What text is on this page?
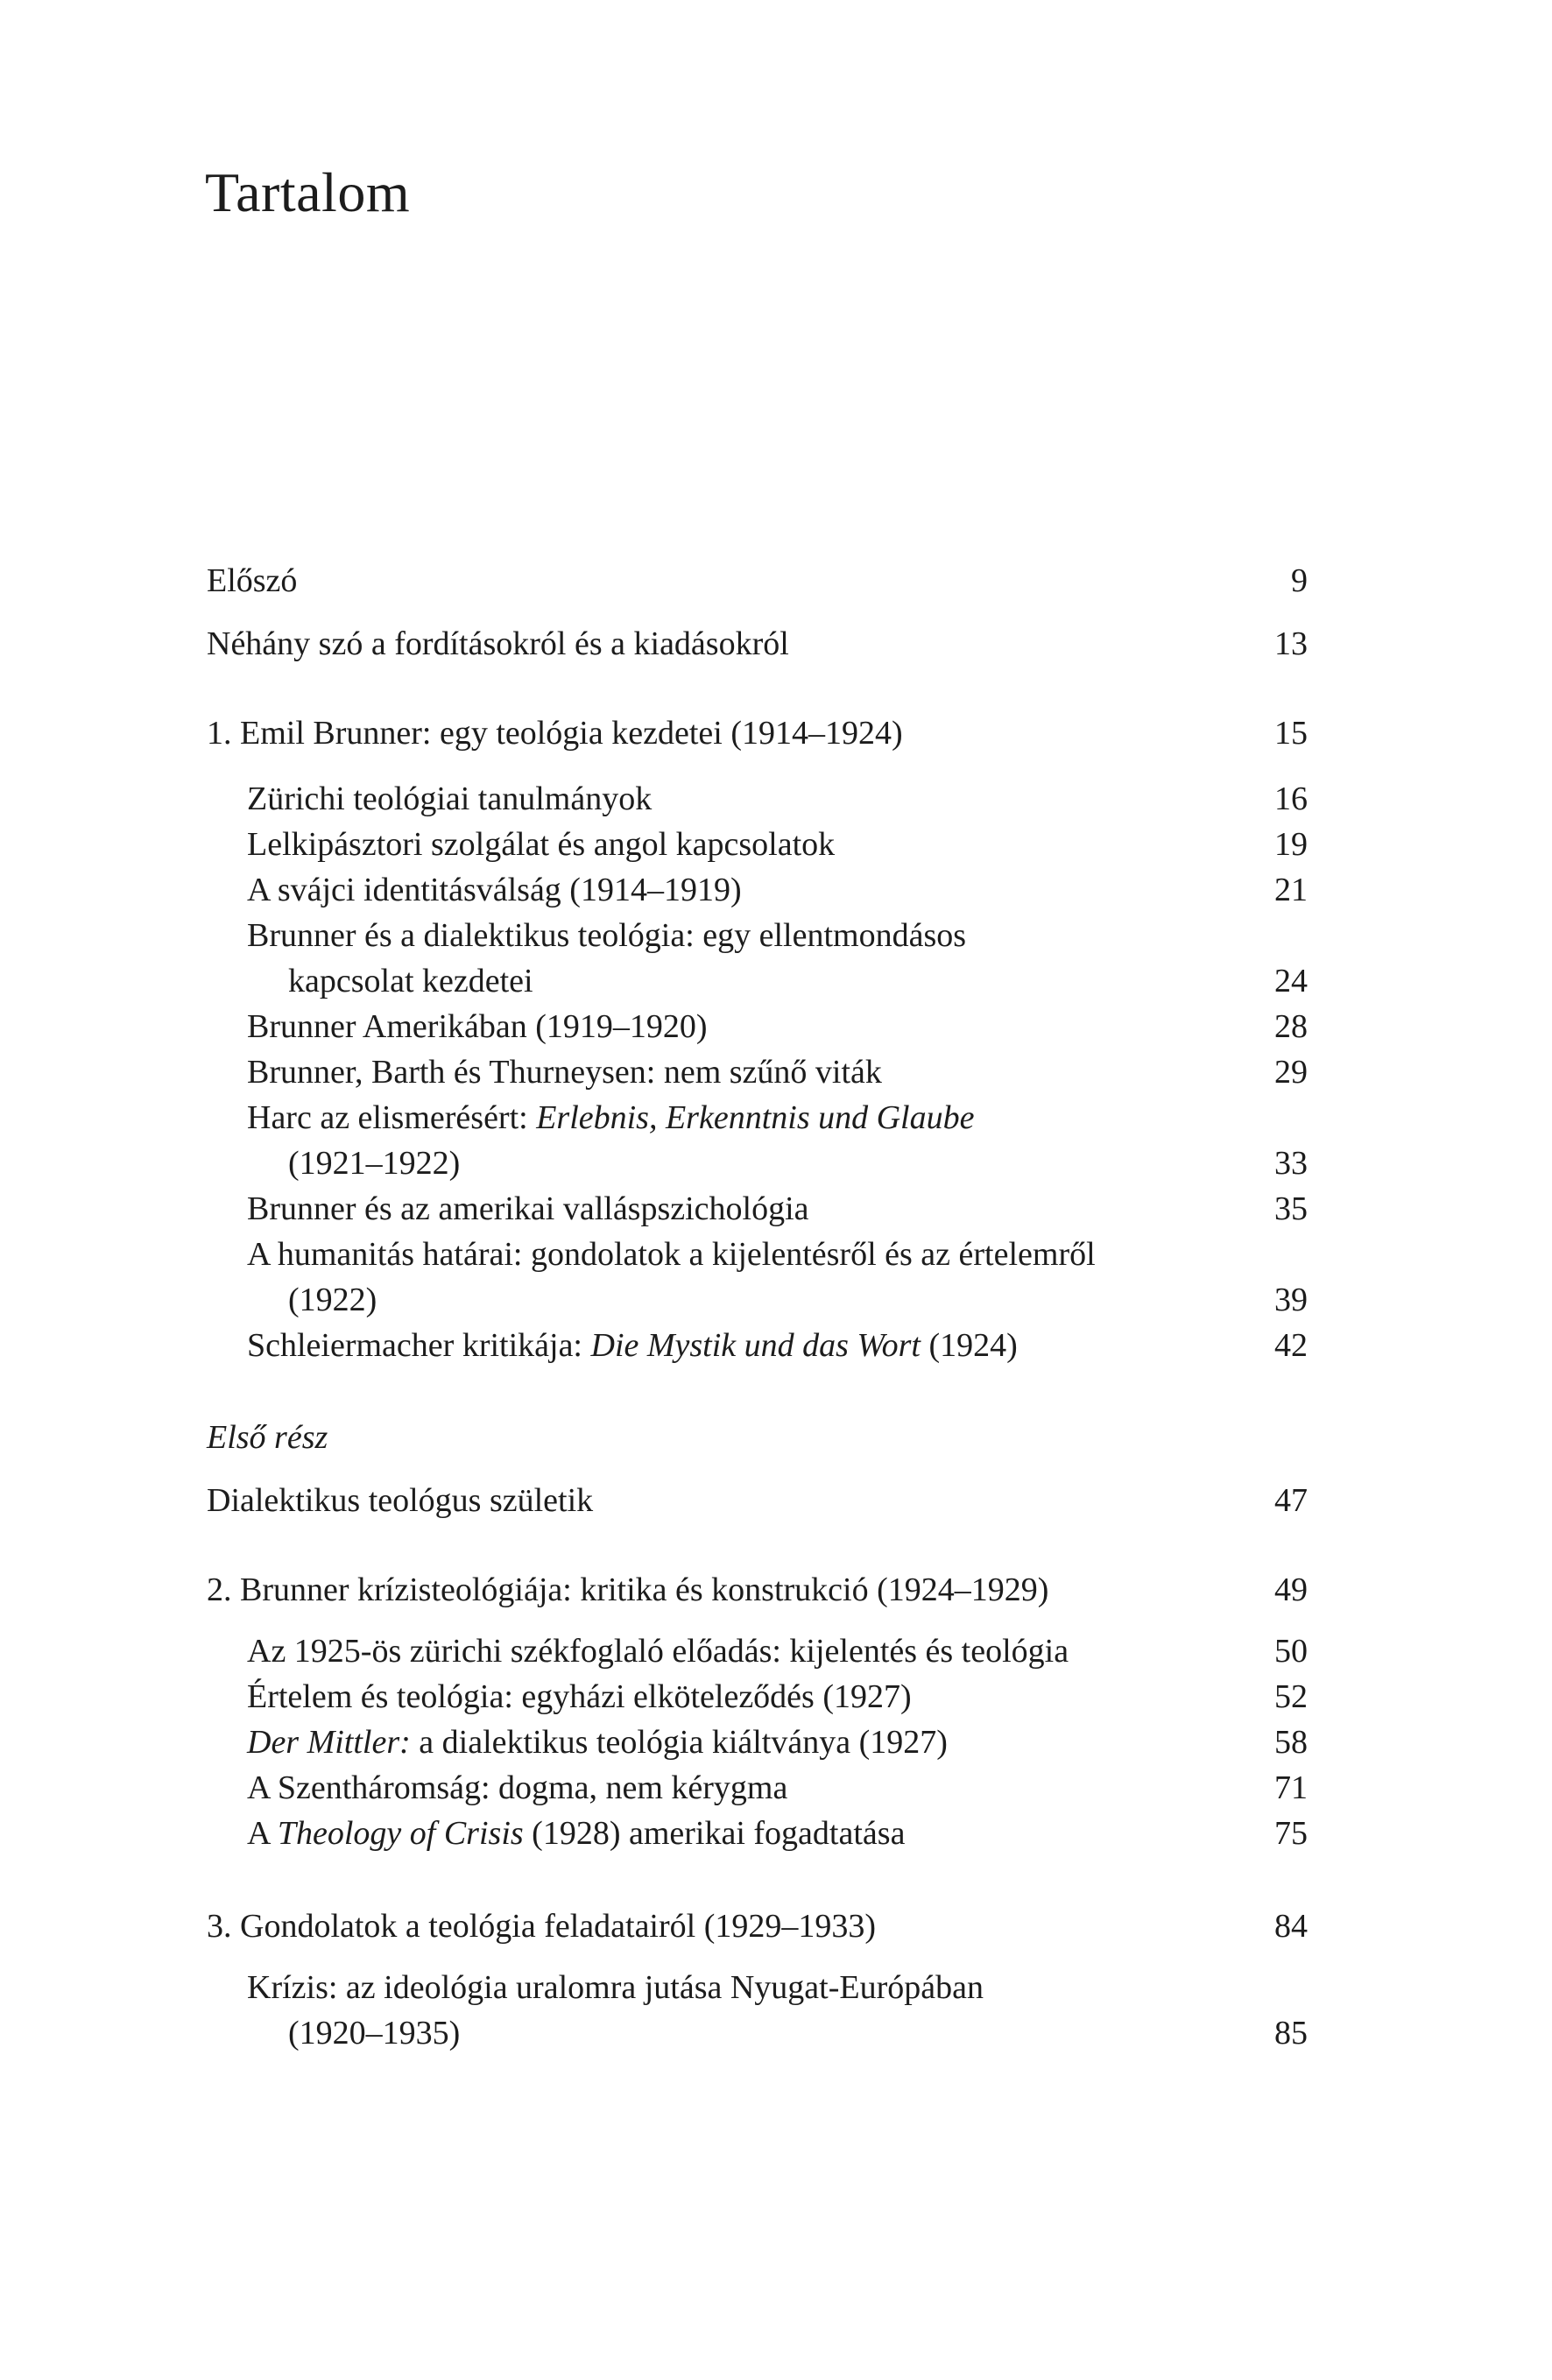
Tartalom
Előszó	9
Néhány szó a fordításokról és a kiadásokról	13
1. Emil Brunner: egy teológia kezdetei (1914–1924)	15
Zürichi teológiai tanulmányok	16
Lelkipásztori szolgálat és angol kapcsolatok	19
A svájci identitásválság (1914–1919)	21
Brunner és a dialektikus teológia: egy ellentmondásos
kapcsolat kezdetei	24
Brunner Amerikában (1919–1920)	28
Brunner, Barth és Thurneysen: nem szűnő viták	29
Harc az elismerésért: Erlebnis, Erkenntnis und Glaube
(1921–1922)	33
Brunner és az amerikai valláspszichológia	35
A humanitás határai: gondolatok a kijelentésről és az értelemről
(1922)	39
Schleiermacher kritikája: Die Mystik und das Wort (1924)	42
Első rész
Dialektikus teológus születik	47
2. Brunner krízisteológiája: kritika és konstrukció (1924–1929)	49
Az 1925-ös zürichi székfoglaló előadás: kijelentés és teológia	50
Értelem és teológia: egyházi elköteleződés (1927)	52
Der Mittler: a dialektikus teológia kiáltványa (1927)	58
A Szentháromság: dogma, nem kérygma	71
A Theology of Crisis (1928) amerikai fogadtatása	75
3. Gondolatok a teológia feladatairól (1929–1933)	84
Krízis: az ideológia uralomra jutása Nyugat-Európában
(1920–1935)	85
